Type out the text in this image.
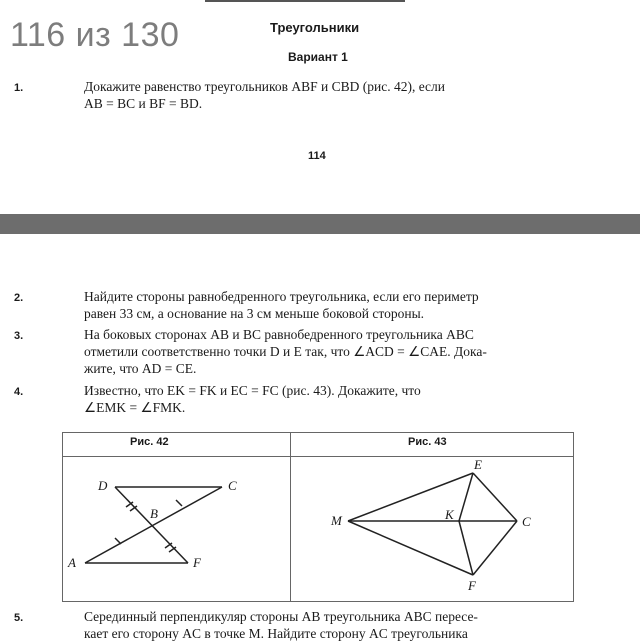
116 из 130	Треугольники
Вариант 1
1.	Докажите равенство треугольников ABF и CBD (рис. 42), если
AB = BC и BF = BD.
114
2.	Найдите стороны равнобедренного треугольника, если его периметр
равен 33 см, а основание на 3 см меньше боковой стороны.
3.	На боковых сторонах AB и BC равнобедренного треугольника ABC
отметили соответственно точки D и E так, что ∠ACD = ∠CAE. Дока-
жите, что AD = CE.
4.	Известно, что EK = FK и EC = FC (рис. 43). Докажите, что
∠EMK = ∠FMK.
Рис. 42	Рис. 43
D	C
B
A	F
E
M	K	C
F
5.	Серединный перпендикуляр стороны AB треугольника ABC пересе-
кает его сторону AC в точке M. Найдите сторону AC треугольника
